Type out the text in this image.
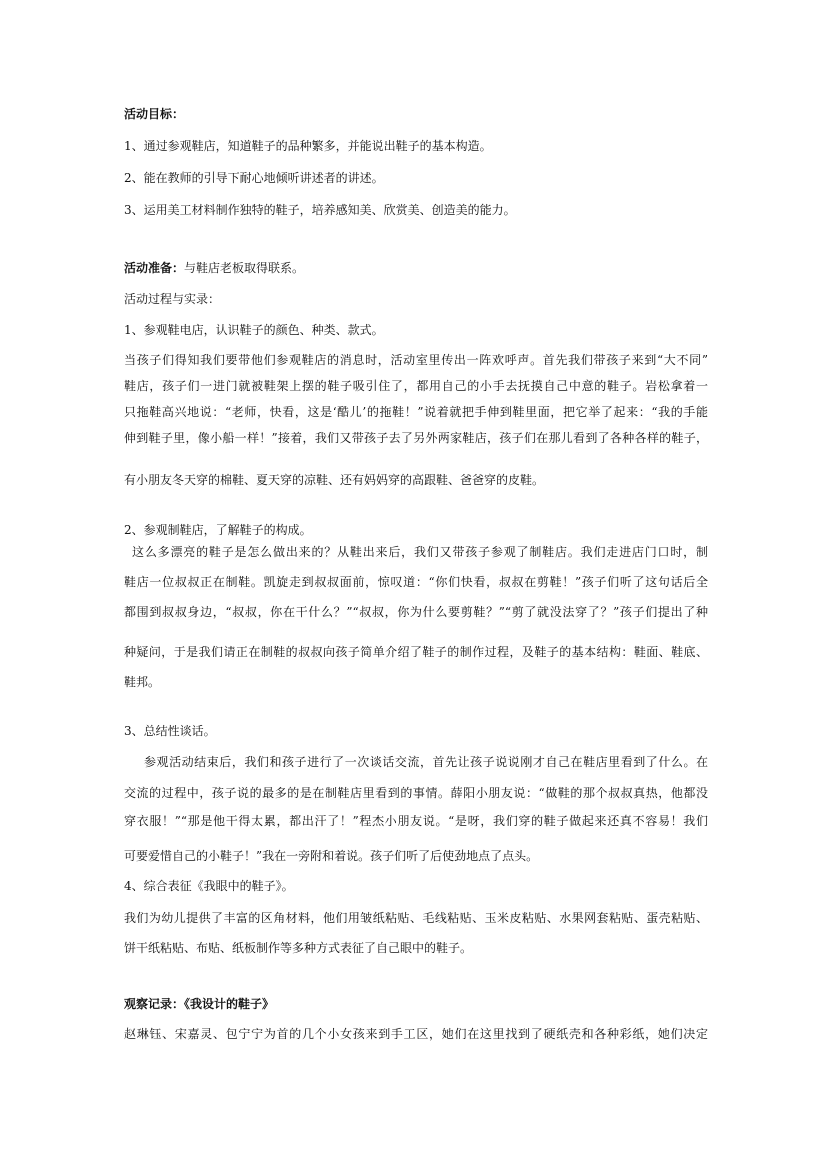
活动目标：

1、通过参观鞋店，知道鞋子的品种繁多，并能说出鞋子的基本构造。

2、能在教师的引导下耐心地倾听讲述者的讲述。

3、运用美工材料制作独特的鞋子，培养感知美、欣赏美、创造美的能力。

活动准备：与鞋店老板取得联系。

活动过程与实录：

1、参观鞋电店，认识鞋子的颜色、种类、款式。

当孩子们得知我们要带他们参观鞋店的消息时，活动室里传出一阵欢呼声。首先我们带孩子来到“大不同”

鞋店，孩子们一进门就被鞋架上摆的鞋子吸引住了，都用自己的小手去抚摸自己中意的鞋子。岩松拿着一

只拖鞋高兴地说：“老师，快看，这是‘酷儿’的拖鞋！”说着就把手伸到鞋里面，把它举了起来：“我的手能

伸到鞋子里，像小船一样！”接着，我们又带孩子去了另外两家鞋店，孩子们在那儿看到了各种各样的鞋子，

有小朋友冬天穿的棉鞋、夏天穿的凉鞋、还有妈妈穿的高跟鞋、爸爸穿的皮鞋。

2、参观制鞋店，了解鞋子的构成。

这么多漂亮的鞋子是怎么做出来的？从鞋出来后，我们又带孩子参观了制鞋店。我们走进店门口时，制

鞋店一位叔叔正在制鞋。凯旋走到叔叔面前，惊叹道：“你们快看，叔叔在剪鞋！”孩子们听了这句话后全

都围到叔叔身边，“叔叔，你在干什么？”“叔叔，你为什么要剪鞋？”“剪了就没法穿了？”孩子们提出了种

种疑问，于是我们请正在制鞋的叔叔向孩子简单介绍了鞋子的制作过程，及鞋子的基本结构：鞋面、鞋底、

鞋邦。

3、总结性谈话。

参观活动结束后，我们和孩子进行了一次谈话交流，首先让孩子说说刚才自己在鞋店里看到了什么。在

交流的过程中，孩子说的最多的是在制鞋店里看到的事情。薛阳小朋友说：“做鞋的那个叔叔真热，他都没

穿衣服！”“那是他干得太累，都出汗了！”程杰小朋友说。“是呀，我们穿的鞋子做起来还真不容易！我们

可要爱惜自己的小鞋子！”我在一旁附和着说。孩子们听了后使劲地点了点头。

4、综合表征《我眼中的鞋子》。

我们为幼儿提供了丰富的区角材料，他们用皱纸粘贴、毛线粘贴、玉米皮粘贴、水果网套粘贴、蛋壳粘贴、

饼干纸粘贴、布贴、纸板制作等多种方式表征了自己眼中的鞋子。

观察记录：《我设计的鞋子》

赵琳钰、宋嘉灵、包宁宁为首的几个小女孩来到手工区，她们在这里找到了硬纸壳和各种彩纸，她们决定
